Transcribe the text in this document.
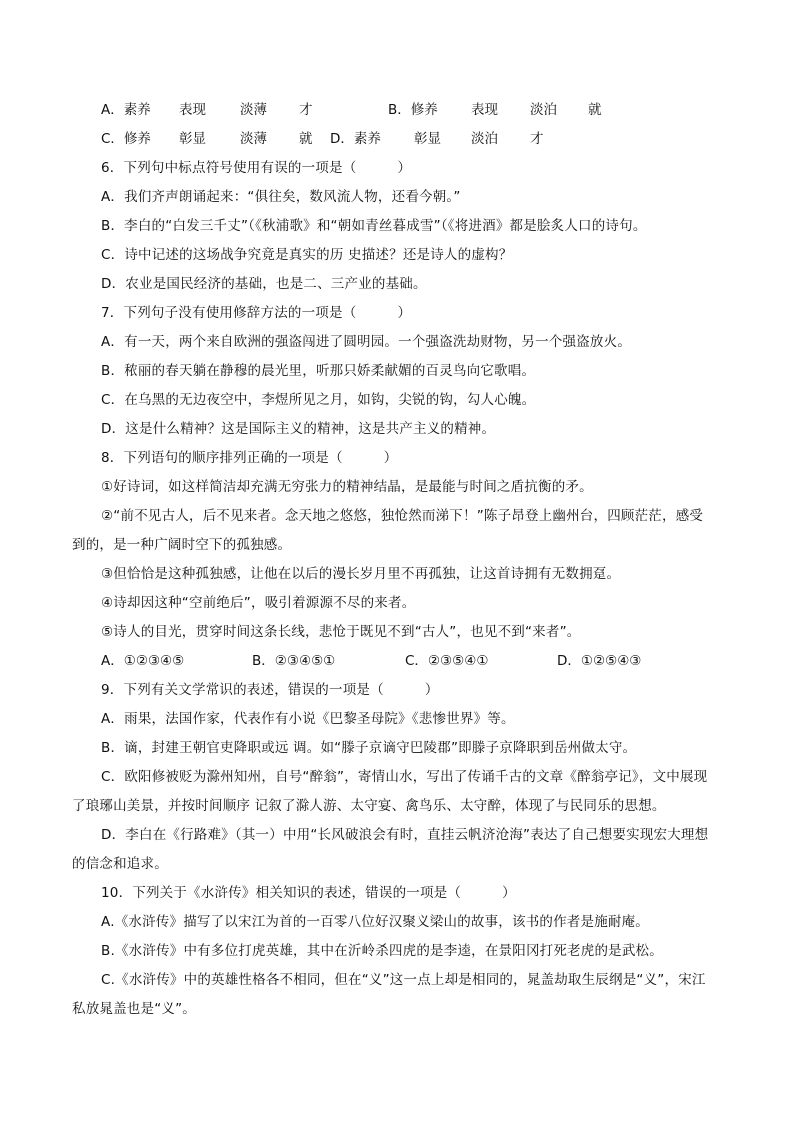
A．素养 表现	淡薄 才	B．修养 表现 淡泊 就
C．修养 彰显	淡薄 就 D．素养 彰显 淡泊 才
6．下列句中标点符号使用有误的一项是（　　　）
A．我们齐声朗诵起来：“俱往矣，数风流人物，还看今朝。”
B．李白的“白发三千丈”（《秋浦歌》和“朝如青丝暮成雪”（《将进酒》都是脍炙人口的诗句。
C．诗中记述的这场战争究竟是真实的历 史描述？还是诗人的虚构？
D．农业是国民经济的基础，也是二、三产业的基础。
7．下列句子没有使用修辞方法的一项是（　　　）
A．有一天，两个来自欧洲的强盗闯进了圆明园。一个强盗洗劫财物，另一个强盗放火。
B．秾丽的春天躺在静穆的晨光里，听那只娇柔献媚的百灵鸟向它歌唱。
C．在乌黑的无边夜空中，李煜所见之月，如钩，尖锐的钩，勾人心魄。
D．这是什么精神？这是国际主义的精神，这是共产主义的精神。
8．下列语句的顺序排列正确的一项是（　　　）
①好诗词，如这样简洁却充满无穷张力的精神结晶，是最能与时间之盾抗衡的矛。
②“前不见古人，后不见来者。念天地之悠悠，独怆然而涕下！”陈子昂登上幽州台，四顾茫茫，感受
到的，是一种广阔时空下的孤独感。
③但恰恰是这种孤独感，让他在以后的漫长岁月里不再孤独，让这首诗拥有无数拥趸。
④诗却因这种“空前绝后”，吸引着源源不尽的来者。
⑤诗人的目光，贯穿时间这条长线，悲怆于既见不到“古人”，也见不到“来者”。
A．①②③④⑤	B．②③④⑤①	C．②③⑤④①	D．①②⑤④③
9．下列有关文学常识的表述，错误的一项是（　　　）
A．雨果，法国作家，代表作有小说《巴黎圣母院》《悲惨世界》等。
B．谪，封建王朝官吏降职或远 调。如“滕子京谪守巴陵郡”即滕子京降职到岳州做太守。
C．欧阳修被贬为滁州知州，自号“醉翁”，寄情山水，写出了传诵千古的文章《醉翁亭记》，文中展现
了琅琊山美景，并按时间顺序 记叙了滁人游、太守宴、禽鸟乐、太守醉，体现了与民同乐的思想。
D．李白在《行路难》（其一）中用“长风破浪会有时，直挂云帆济沧海”表达了自己想要实现宏大理想
的信念和追求。
10．下列关于《水浒传》相关知识的表述，错误的一项是（　　　）
A.《水浒传》描写了以宋江为首的一百零八位好汉聚义梁山的故事，该书的作者是施耐庵。
B.《水浒传》中有多位打虎英雄，其中在沂岭杀四虎的是李逵，在景阳冈打死老虎的是武松。
C.《水浒传》中的英雄性格各不相同，但在“义”这一点上却是相同的，晁盖劫取生辰纲是“义”，宋江
私放晁盖也是“义”。
